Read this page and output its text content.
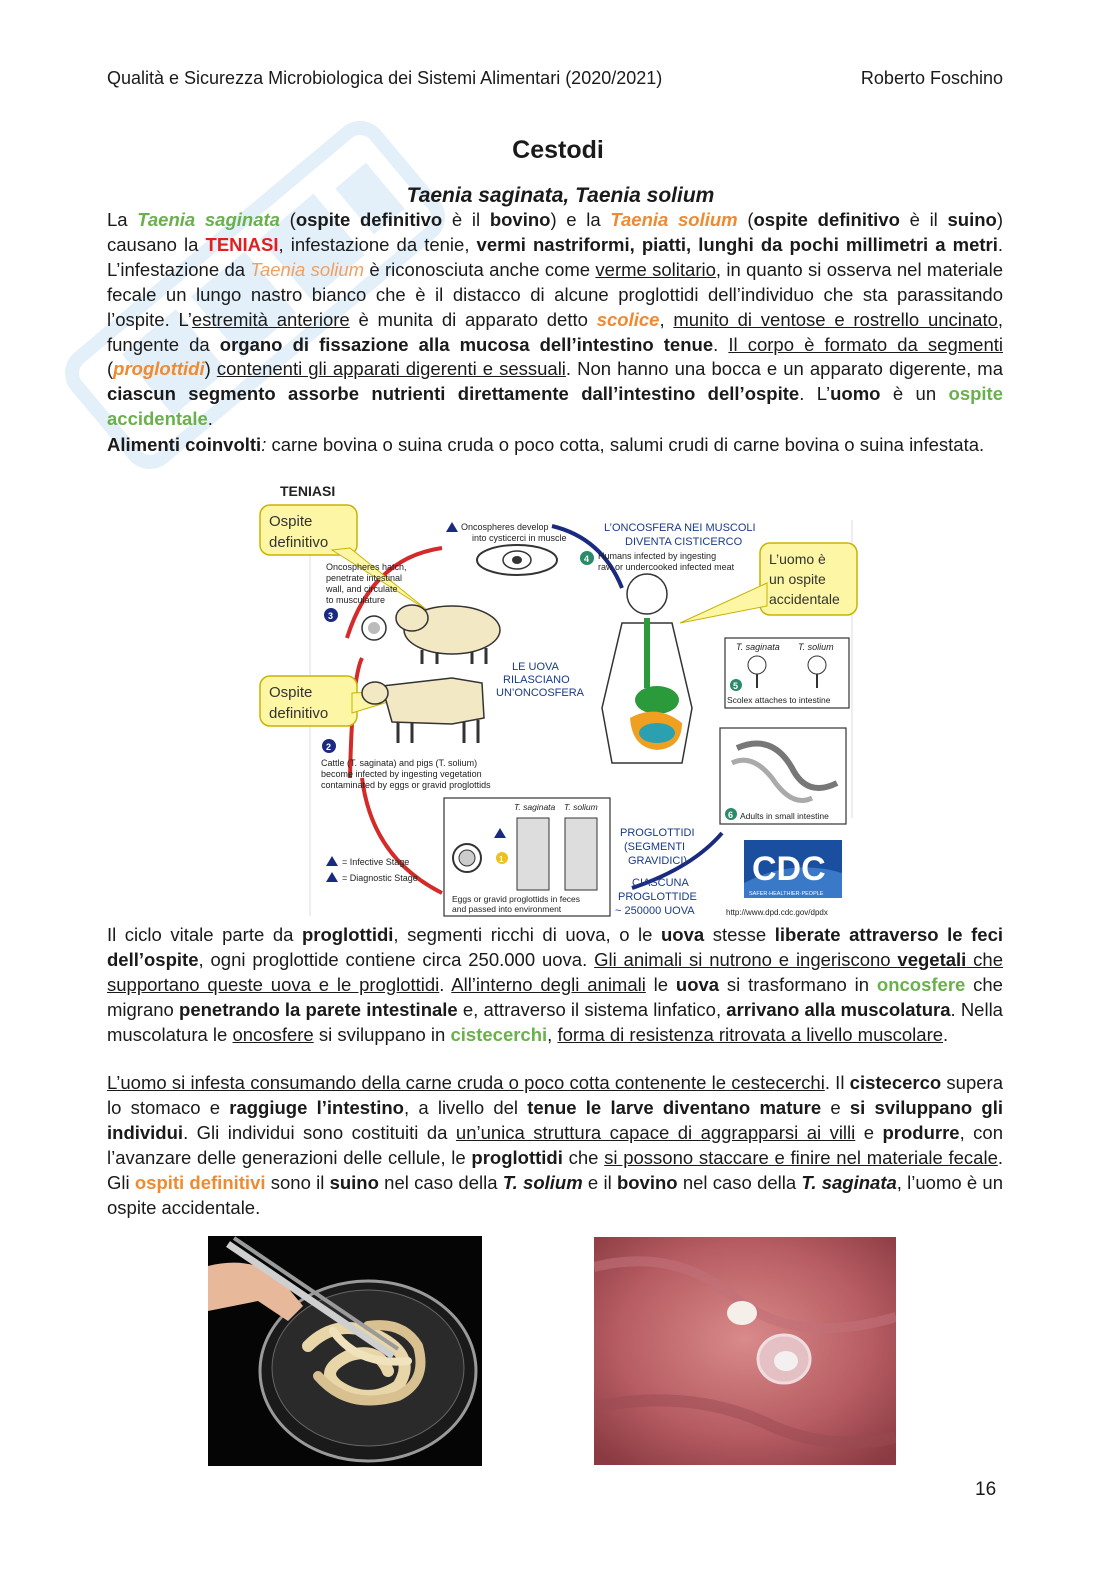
Qualità e Sicurezza Microbiologica dei Sistemi Alimentari (2020/2021)	Roberto Foschino
Cestodi
Taenia saginata, Taenia solium

La Taenia saginata (ospite definitivo è il bovino) e la Taenia solium (ospite definitivo è il suino) causano la TENIASI, infestazione da tenie, vermi nastriformi, piatti, lunghi da pochi millimetri a metri. L’infestazione da Taenia solium è riconosciuta anche come verme solitario, in quanto si osserva nel materiale fecale un lungo nastro bianco che è il distacco di alcune proglottidi dell’individuo che sta parassitando l’ospite. L’estremità anteriore è munita di apparato detto scolice, munito di ventose e rostrello uncinato, fungente da organo di fissazione alla mucosa dell’intestino tenue. Il corpo è formato da segmenti (proglottidi) contenenti gli apparati digerenti e sessuali. Non hanno una bocca e un apparato digerente, ma ciascun segmento assorbe nutrienti direttamente dall’intestino dell’ospite. L’uomo è un ospite accidentale.

Alimenti coinvolti: carne bovina o suina cruda o poco cotta, salumi crudi di carne bovina o suina infestata.

TENIASI
Ospite
definitivo
Ospite
definitivo
L’uomo è
un ospite
accidentale
Oncospheres develop
into cysticerci in muscle
L’ONCOSFERA NEI MUSCOLI
DIVENTA CISTICERCO
4 Humans infected by ingesting
raw or undercooked infected meat
Oncospheres hatch,
penetrate intestinal
wall, and circulate
to musculature
3
LE UOVA
RILASCIANO
UN’ONCOSFERA
2
Cattle (T. saginata) and pigs (T. solium)
become infected by ingesting vegetation
contaminated by eggs or gravid proglottids
T. saginata T. solium
5
Scolex attaches to intestine
6 Adults in small intestine
T. saginata T. solium
1
Eggs or gravid proglottids in feces
and passed into environment
= Infective Stage
= Diagnostic Stage
PROGLOTTIDI
(SEGMENTI
GRAVIDICI)
CIASCUNA
PROGLOTTIDE
~ 250000 UOVA
CDC
SAFER·HEALTHIER·PEOPLE
http://www.dpd.cdc.gov/dpdx

Il ciclo vitale parte da proglottidi, segmenti ricchi di uova, o le uova stesse liberate attraverso le feci dell’ospite, ogni proglottide contiene circa 250.000 uova. Gli animali si nutrono e ingeriscono vegetali che supportano queste uova e le proglottidi. All’interno degli animali le uova si trasformano in oncosfere che migrano penetrando la parete intestinale e, attraverso il sistema linfatico, arrivano alla muscolatura. Nella muscolatura le oncosfere si sviluppano in cistecerchi, forma di resistenza ritrovata a livello muscolare.

L’uomo si infesta consumando della carne cruda o poco cotta contenente le cestecerchi. Il cistecerco supera lo stomaco e raggiuge l’intestino, a livello del tenue le larve diventano mature e si sviluppano gli individui. Gli individui sono costituiti da un’unica struttura capace di aggrapparsi ai villi e produrre, con l’avanzare delle generazioni delle cellule, le proglottidi che si possono staccare e finire nel materiale fecale. Gli ospiti definitivi sono il suino nel caso della T. solium e il bovino nel caso della T. saginata, l’uomo è un ospite accidentale.

16
